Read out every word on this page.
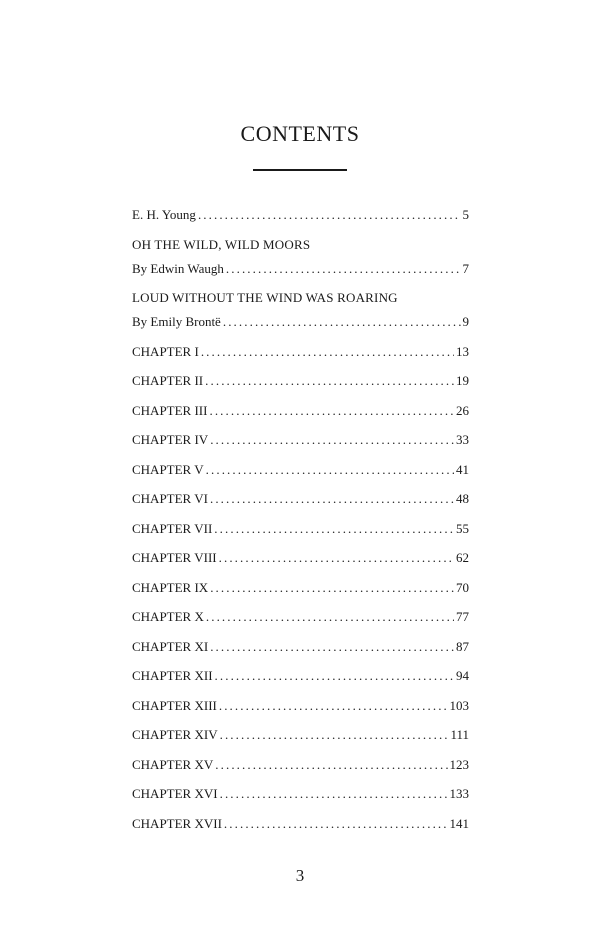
CONTENTS
E. H. Young .....	5
OH THE WILD, WILD MOORS
By Edwin Waugh .....	7
LOUD WITHOUT THE WIND WAS ROARING
By Emily Brontë .....	9
CHAPTER I .....	13
CHAPTER II .....	19
CHAPTER III .....	26
CHAPTER IV .....	33
CHAPTER V .....	41
CHAPTER VI .....	48
CHAPTER VII .....	55
CHAPTER VIII .....	62
CHAPTER IX .....	70
CHAPTER X .....	77
CHAPTER XI .....	87
CHAPTER XII .....	94
CHAPTER XIII .....	103
CHAPTER XIV .....	111
CHAPTER XV .....	123
CHAPTER XVI .....	133
CHAPTER XVII .....	141
3
